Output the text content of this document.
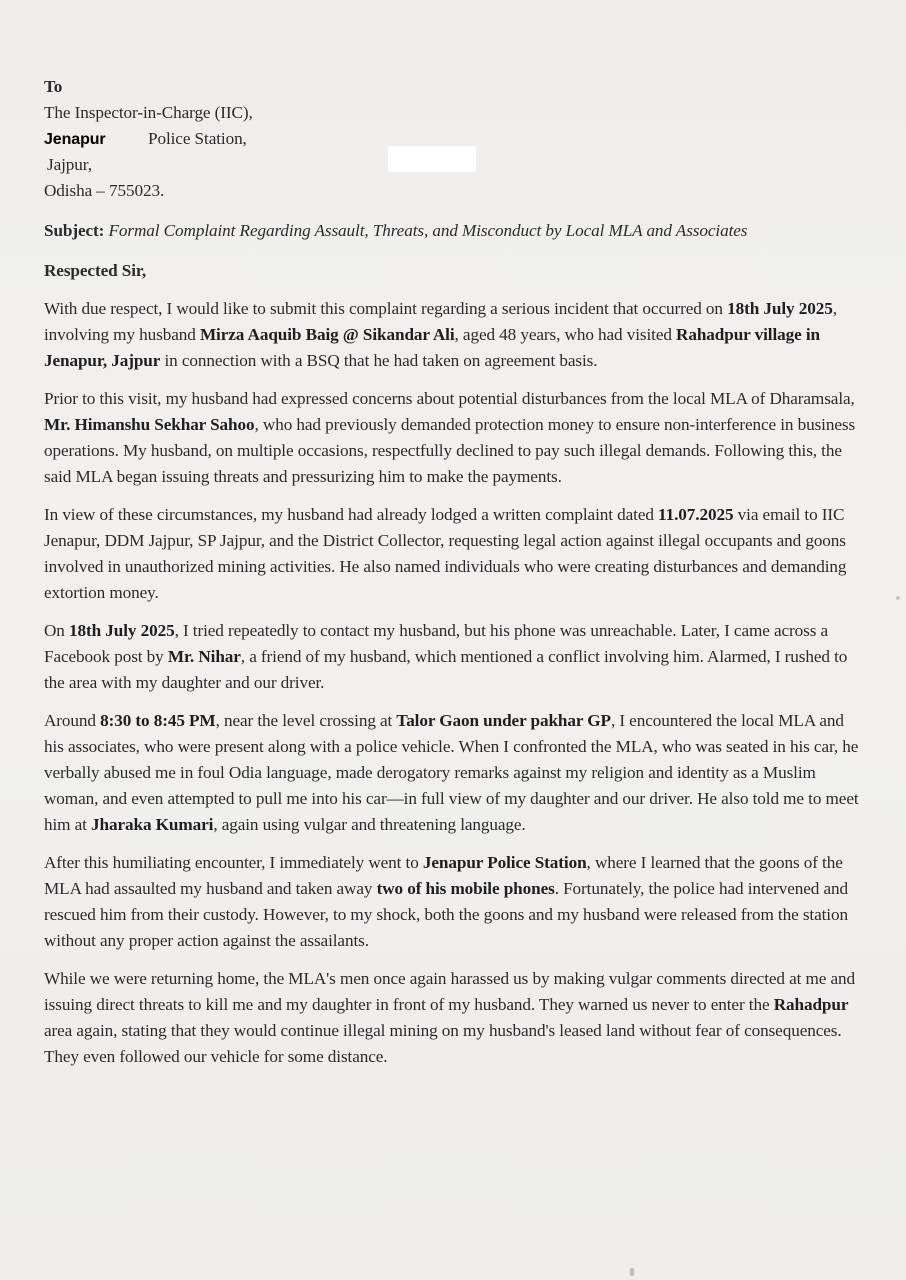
To
The Inspector-in-Charge (IIC),
Jenapur Police Station,
Jajpur,
Odisha – 755023.
Subject: Formal Complaint Regarding Assault, Threats, and Misconduct by Local MLA and Associates
Respected Sir,

With due respect, I would like to submit this complaint regarding a serious incident that occurred on 18th July 2025, involving my husband Mirza Aaquib Baig @ Sikandar Ali, aged 48 years, who had visited Rahadpur village in Jenapur, Jajpur in connection with a BSQ that he had taken on agreement basis.

Prior to this visit, my husband had expressed concerns about potential disturbances from the local MLA of Dharamsala, Mr. Himanshu Sekhar Sahoo, who had previously demanded protection money to ensure non-interference in business operations. My husband, on multiple occasions, respectfully declined to pay such illegal demands. Following this, the said MLA began issuing threats and pressurizing him to make the payments.

In view of these circumstances, my husband had already lodged a written complaint dated 11.07.2025 via email to IIC Jenapur, DDM Jajpur, SP Jajpur, and the District Collector, requesting legal action against illegal occupants and goons involved in unauthorized mining activities. He also named individuals who were creating disturbances and demanding extortion money.

On 18th July 2025, I tried repeatedly to contact my husband, but his phone was unreachable. Later, I came across a Facebook post by Mr. Nihar, a friend of my husband, which mentioned a conflict involving him. Alarmed, I rushed to the area with my daughter and our driver.

Around 8:30 to 8:45 PM, near the level crossing at Talor Gaon under pakhar GP, I encountered the local MLA and his associates, who were present along with a police vehicle. When I confronted the MLA, who was seated in his car, he verbally abused me in foul Odia language, made derogatory remarks against my religion and identity as a Muslim woman, and even attempted to pull me into his car—in full view of my daughter and our driver. He also told me to meet him at Jharaka Kumari, again using vulgar and threatening language.

After this humiliating encounter, I immediately went to Jenapur Police Station, where I learned that the goons of the MLA had assaulted my husband and taken away two of his mobile phones. Fortunately, the police had intervened and rescued him from their custody. However, to my shock, both the goons and my husband were released from the station without any proper action against the assailants.

While we were returning home, the MLA's men once again harassed us by making vulgar comments directed at me and issuing direct threats to kill me and my daughter in front of my husband. They warned us never to enter the Rahadpur area again, stating that they would continue illegal mining on my husband's leased land without fear of consequences. They even followed our vehicle for some distance.
